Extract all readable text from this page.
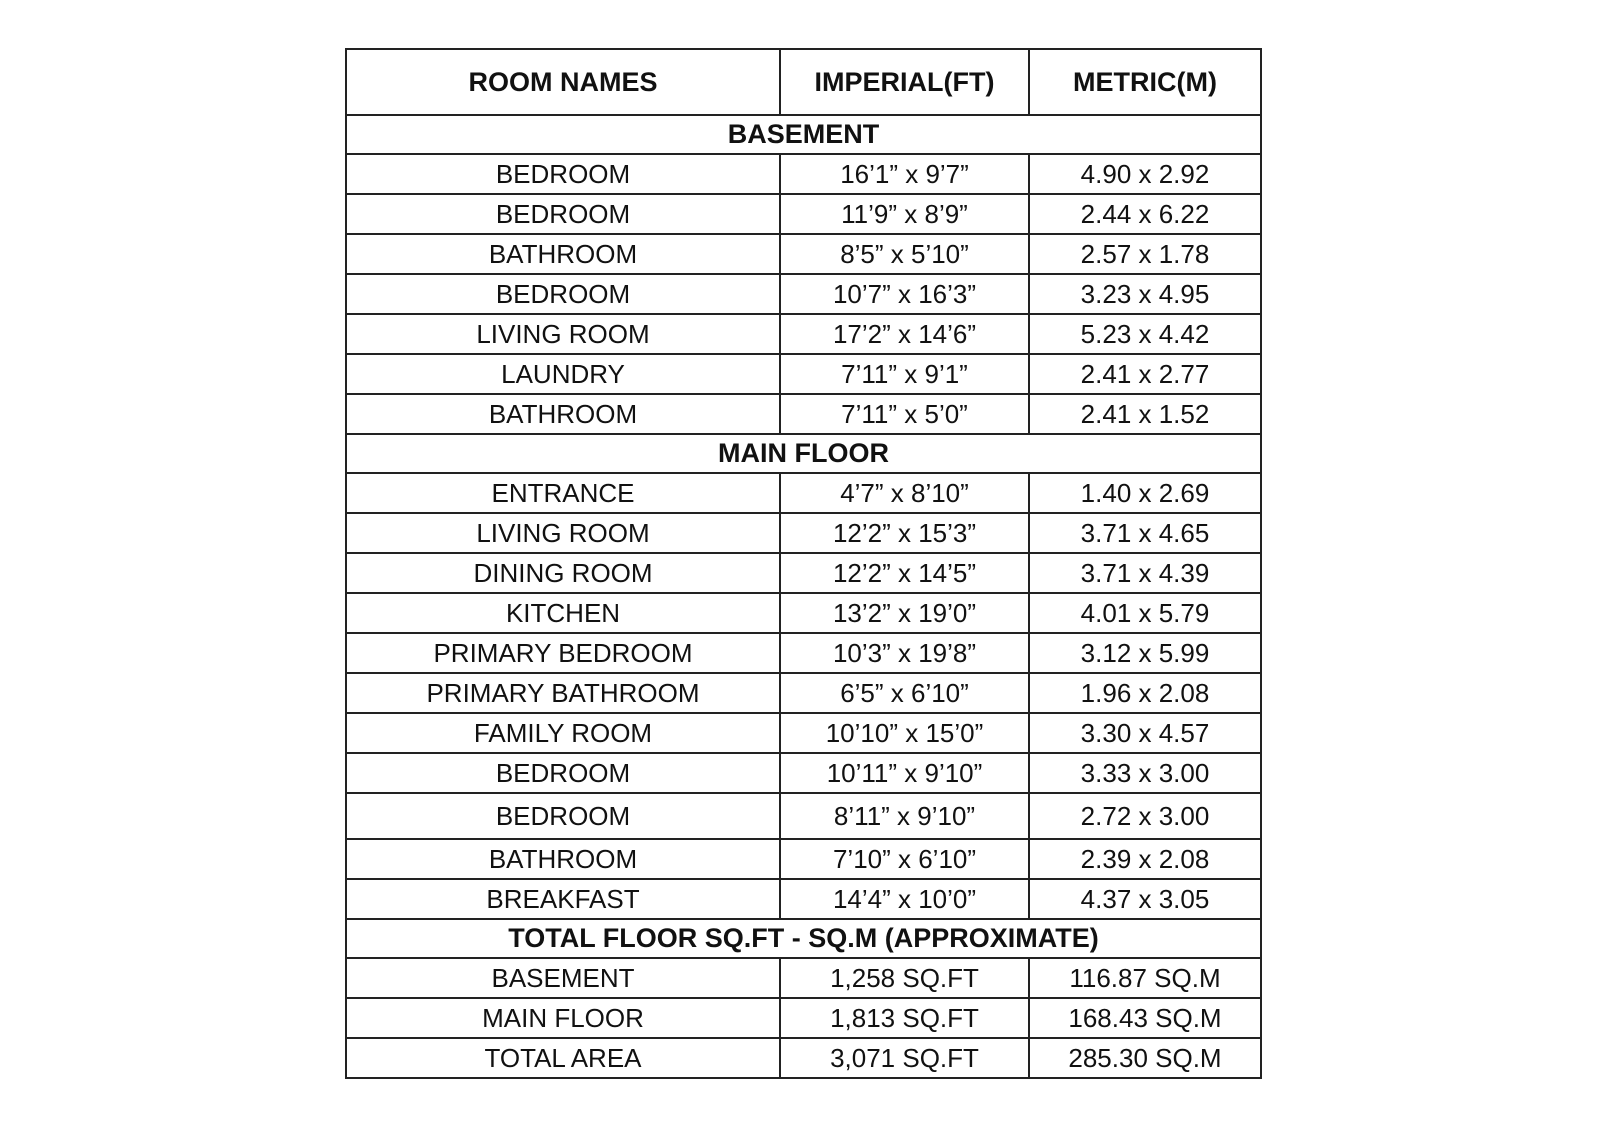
ROOM NAMES	IMPERIAL(FT)	METRIC(M)
BASEMENT		
BEDROOM	16’1” x 9’7”	4.90 x 2.92
BEDROOM	11’9” x 8’9”	2.44 x 6.22
BATHROOM	8’5” x 5’10”	2.57 x 1.78
BEDROOM	10’7” x 16’3”	3.23 x 4.95
LIVING ROOM	17’2” x 14’6”	5.23 x 4.42
LAUNDRY	7’11” x 9’1”	2.41 x 2.77
BATHROOM	7’11” x 5’0”	2.41 x 1.52
MAIN FLOOR		
ENTRANCE	4’7” x 8’10”	1.40 x 2.69
LIVING ROOM	12’2” x 15’3”	3.71 x 4.65
DINING ROOM	12’2” x 14’5”	3.71 x 4.39
KITCHEN	13’2” x 19’0”	4.01 x 5.79
PRIMARY BEDROOM	10’3” x 19’8”	3.12 x 5.99
PRIMARY BATHROOM	6’5” x 6’10”	1.96 x 2.08
FAMILY ROOM	10’10” x 15’0”	3.30 x 4.57
BEDROOM	10’11” x 9’10”	3.33 x 3.00
BEDROOM	8’11” x 9’10”	2.72 x 3.00
BATHROOM	7’10” x 6’10”	2.39 x 2.08
BREAKFAST	14’4” x 10’0”	4.37 x 3.05
TOTAL FLOOR SQ.FT - SQ.M (APPROXIMATE)		
BASEMENT	1,258 SQ.FT	116.87 SQ.M
MAIN FLOOR	1,813 SQ.FT	168.43 SQ.M
TOTAL AREA	3,071 SQ.FT	285.30 SQ.M
